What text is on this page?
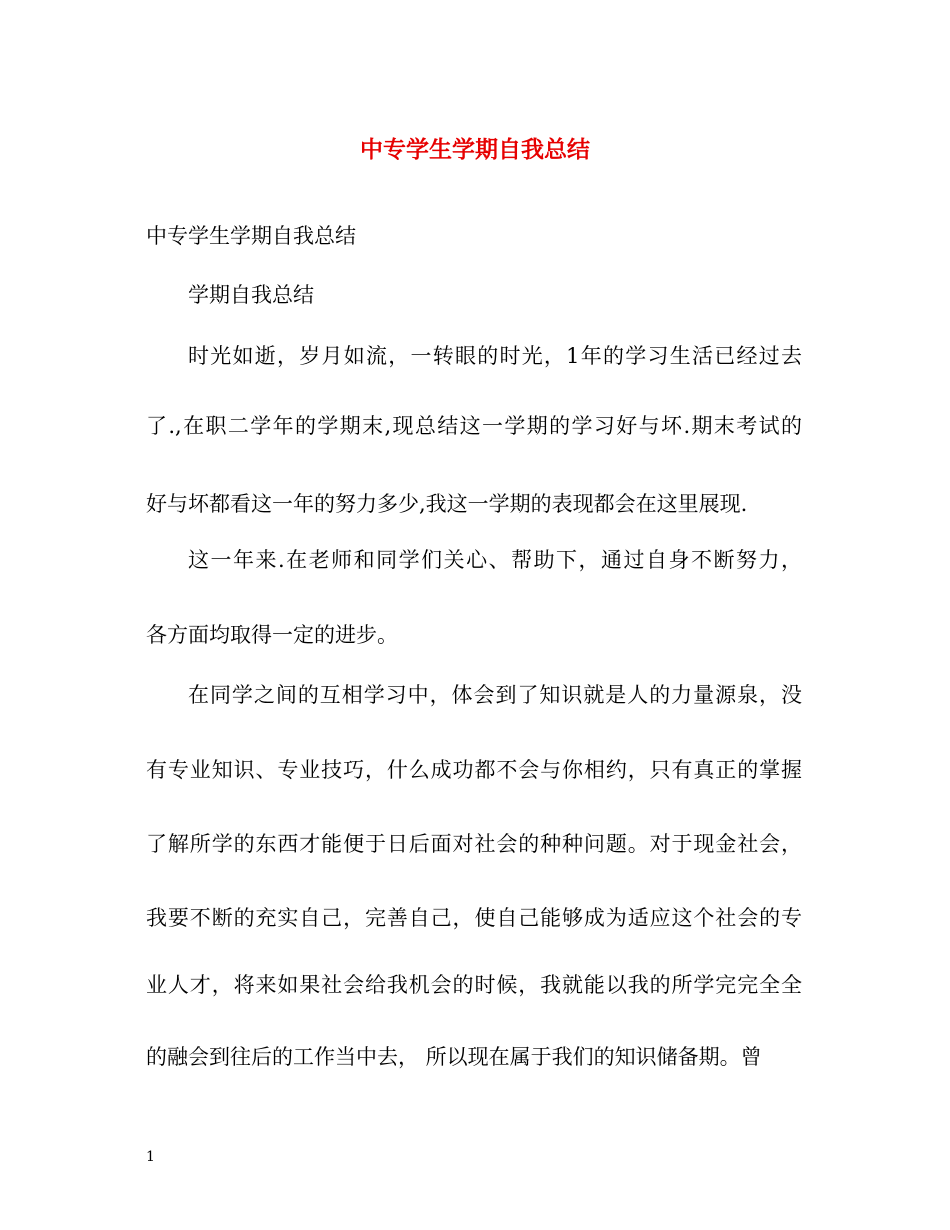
中专学生学期自我总结
中专学生学期自我总结
学期自我总结
时光如逝，岁月如流，一转眼的时光，1年的学习生活已经过去
了.,在职二学年的学期末,现总结这一学期的学习好与坏.期末考试的
好与坏都看这一年的努力多少,我这一学期的表现都会在这里展现.
这一年来.在老师和同学们关心、帮助下，通过自身不断努力，
各方面均取得一定的进步。
在同学之间的互相学习中，体会到了知识就是人的力量源泉，没
有专业知识、专业技巧，什么成功都不会与你相约，只有真正的掌握
了解所学的东西才能便于日后面对社会的种种问题。对于现金社会，
我要不断的充实自己，完善自己，使自己能够成为适应这个社会的专
业人才，将来如果社会给我机会的时候，我就能以我的所学完完全全
的融会到往后的工作当中去， 所以现在属于我们的知识储备期。曾
1
